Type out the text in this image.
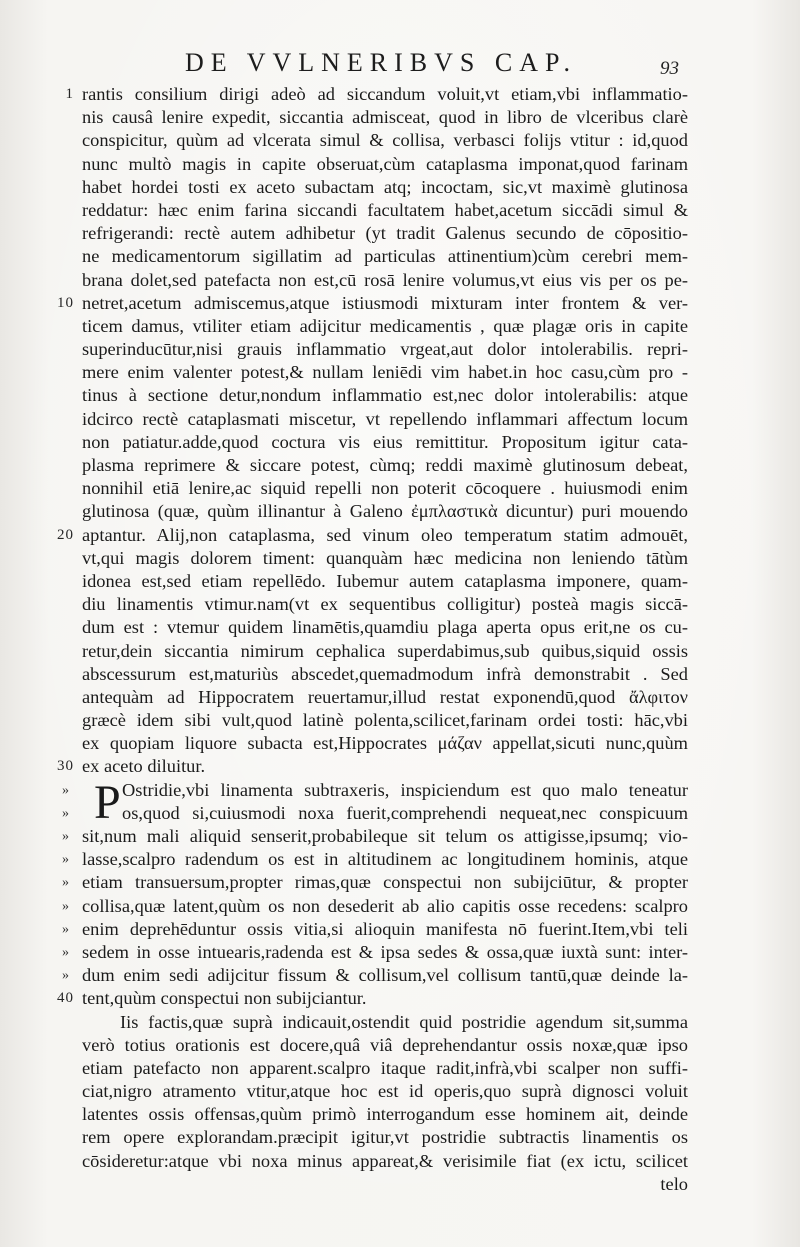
DE VVLNERIBVS CAP.	93
1 rantis consilium dirigi adeò ad siccandum voluit,vt etiam,vbi inflammatio-
nis causâ lenire expedit, siccantia admisceat, quod in libro de vlceribus clarè
conspicitur, quùm ad vlcerata simul & collisa, verbasci folijs vtitur : id,quod
nunc multò magis in capite obseruat,cùm cataplasma imponat,quod farinam
habet hordei tosti ex aceto subactam atq; incoctam, sic,vt maximè glutinosa
reddatur: hæc enim farina siccandi facultatem habet,acetum siccādi simul &
refrigerandi: rectè autem adhibetur (yt tradit Galenus secundo de cōpositio-
ne medicamentorum sigillatim ad particulas attinentium)cùm cerebri mem-
brana dolet,sed patefacta non est,cū rosā lenire volumus,vt eius vis per os pe-
10 netret,acetum admiscemus,atque istiusmodi mixturam inter frontem & ver-
ticem damus, vtiliter etiam adijcitur medicamentis , quæ plagæ oris in capite
superinducūtur,nisi grauis inflammatio vrgeat,aut dolor intolerabilis. repri-
mere enim valenter potest,& nullam leniēdi vim habet.in hoc casu,cùm pro -
tinus à sectione detur,nondum inflammatio est,nec dolor intolerabilis: atque
idcirco rectè cataplasmati miscetur, vt repellendo inflammari affectum locum
non patiatur.adde,quod coctura vis eius remittitur. Propositum igitur cata-
plasma reprimere & siccare potest, cùmq; reddi maximè glutinosum debeat,
nonnihil etiā lenire,ac siquid repelli non poterit cōcoquere . huiusmodi enim
glutinosa (quæ, quùm illinantur à Galeno ἐμπλαστικὰ dicuntur) puri mouendo
20 aptantur. Alij,non cataplasma, sed vinum oleo temperatum statim admouēt,
vt,qui magis dolorem timent: quanquàm hæc medicina non leniendo tātùm
idonea est,sed etiam repellēdo. Iubemur autem cataplasma imponere, quam-
diu linamentis vtimur.nam(vt ex sequentibus colligitur) posteà magis siccā-
dum est : vtemur quidem linamētis,quamdiu plaga aperta opus erit,ne os cu-
retur,dein siccantia nimirum cephalica superdabimus,sub quibus,siquid ossis
abscessurum est,maturiùs abscedet,quemadmodum infrà demonstrabit . Sed
antequàm ad Hippocratem reuertamur,illud restat exponendū,quod ἄλφιτον
græcè idem sibi vult,quod latinè polenta,scilicet,farinam ordei tosti: hāc,vbi
ex quopiam liquore subacta est,Hippocrates μάζαν appellat,sicuti nunc,quùm
30 ex aceto diluitur.
P
»	Ostridie,vbi linamenta subtraxeris, inspiciendum est quo malo teneatur
»	os,quod si,cuiusmodi noxa fuerit,comprehendi nequeat,nec conspicuum
» sit,num mali aliquid senserit,probabileque sit telum os attigisse,ipsumq; vio-
» lasse,scalpro radendum os est in altitudinem ac longitudinem hominis, atque
» etiam transuersum,propter rimas,quæ conspectui non subijciūtur, & propter
» collisa,quæ latent,quùm os non desederit ab alio capitis osse recedens: scalpro
» enim deprehēduntur ossis vitia,si alioquin manifesta nō fuerint.Item,vbi teli
» sedem in osse intuearis,radenda est & ipsa sedes & ossa,quæ iuxtà sunt: inter-
» dum enim sedi adijcitur fissum & collisum,vel collisum tantū,quæ deinde la-
40 tent,quùm conspectui non subijciantur.
Iis factis,quæ suprà indicauit,ostendit quid postridie agendum sit,summa
verò totius orationis est docere,quâ viâ deprehendantur ossis noxæ,quæ ipso
etiam patefacto non apparent.scalpro itaque radit,infrà,vbi scalper non suffi-
ciat,nigro atramento vtitur,atque hoc est id operis,quo suprà dignosci voluit
latentes ossis offensas,quùm primò interrogandum esse hominem ait, deinde
rem opere explorandam.præcipit igitur,vt postridie subtractis linamentis os
cōsideretur:atque vbi noxa minus appareat,& verisimile fiat (ex ictu, scilicet
telo
